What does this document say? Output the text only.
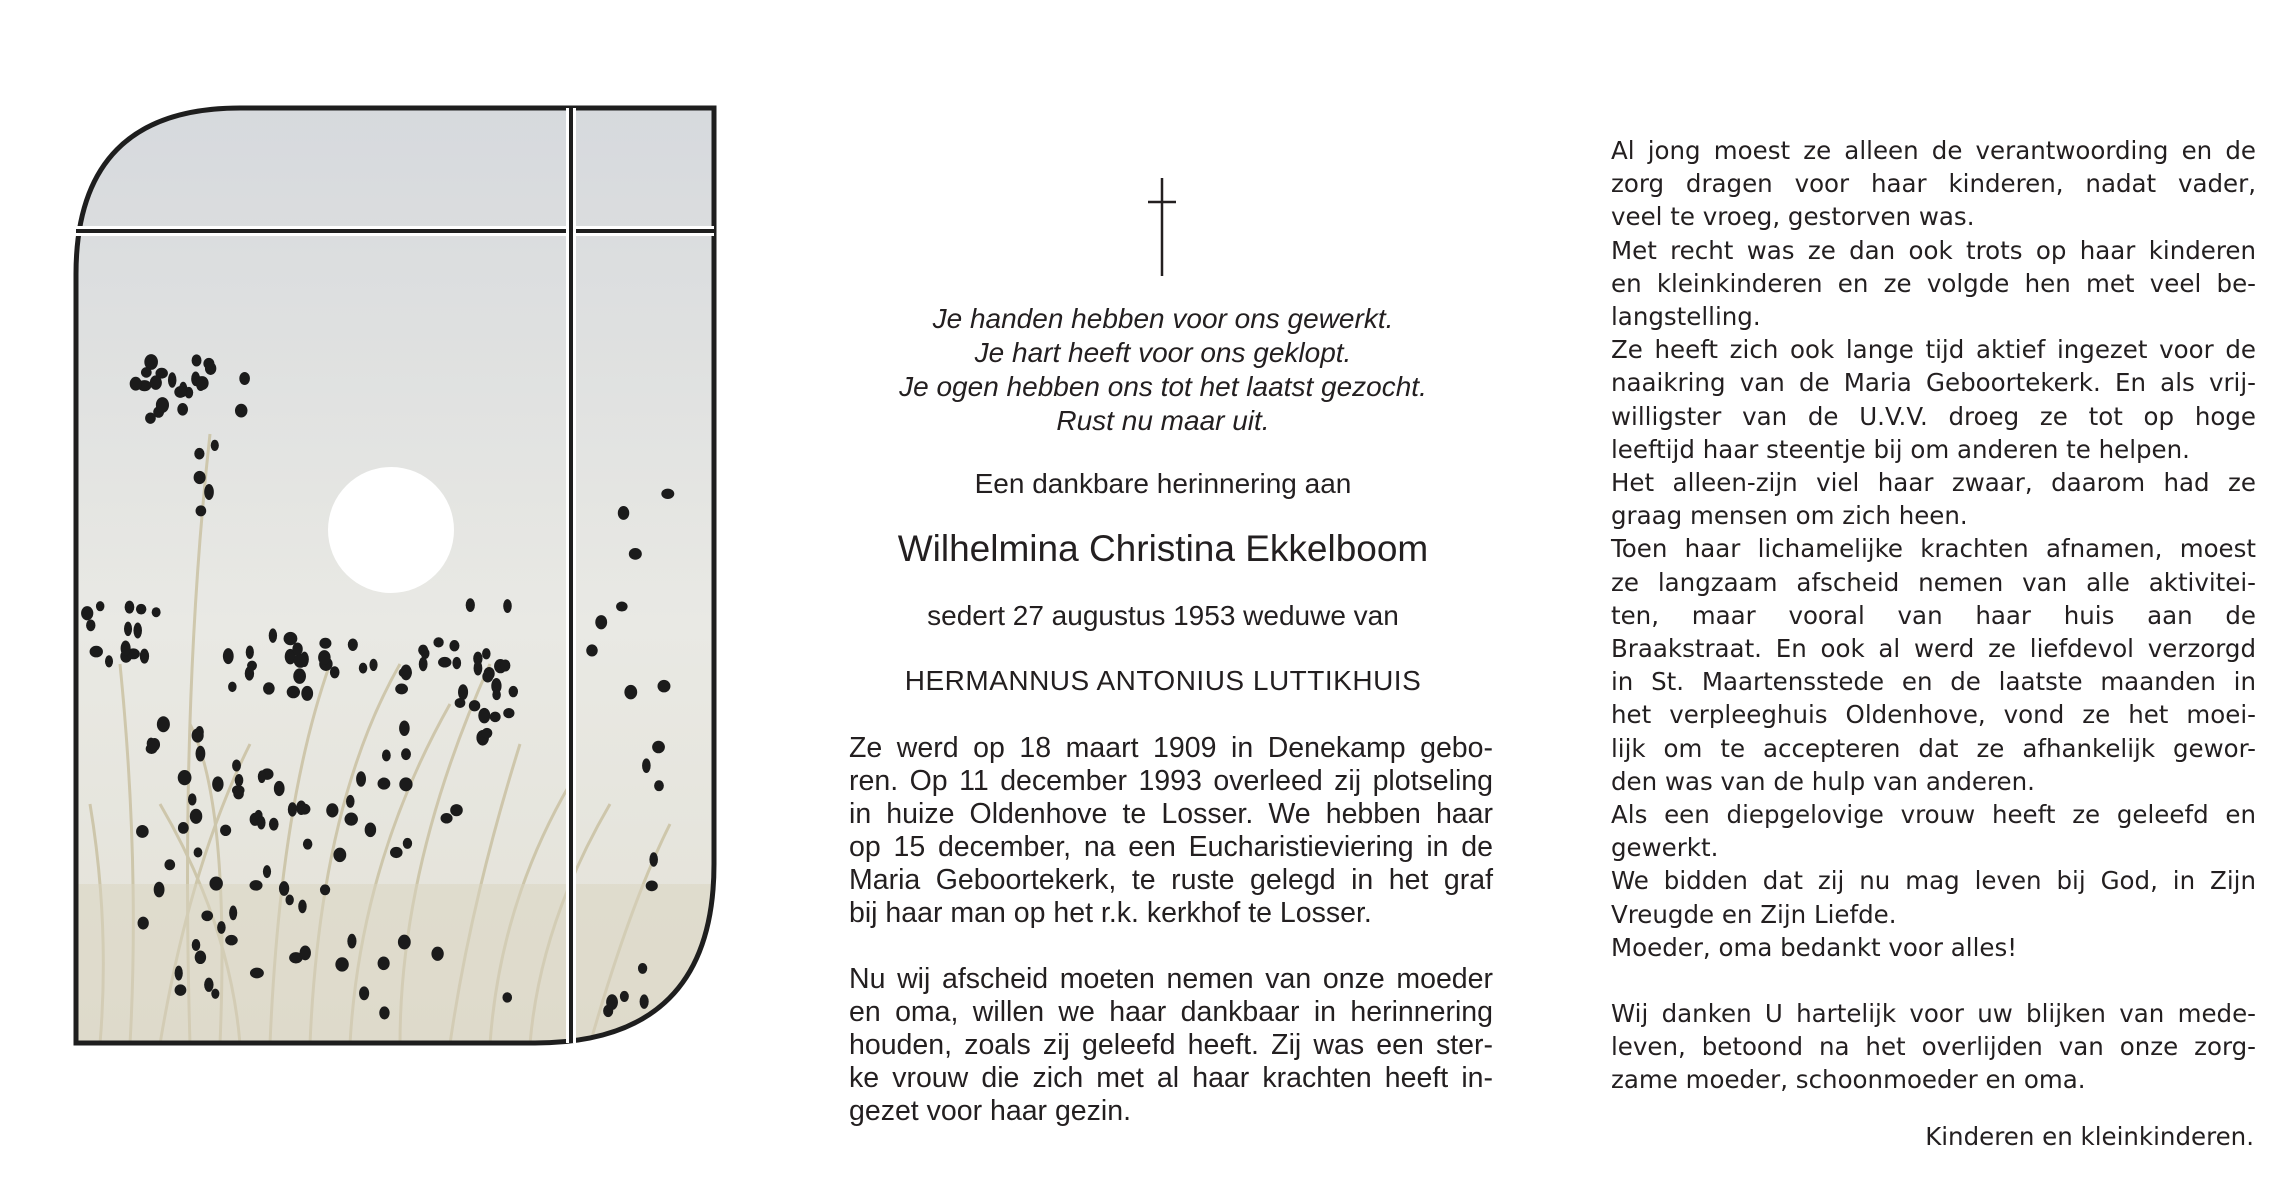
Je handen hebben voor ons gewerkt.
Je hart heeft voor ons geklopt.
Je ogen hebben ons tot het laatst gezocht.
Rust nu maar uit.
Een dankbare herinnering aan
Wilhelmina Christina Ekkelboom
sedert 27 augustus 1953 weduwe van
HERMANNUS ANTONIUS LUTTIKHUIS
Ze werd op 18 maart 1909 in Denekamp gebo-
ren. Op 11 december 1993 overleed zij plotseling
in huize Oldenhove te Losser. We hebben haar
op 15 december, na een Eucharistieviering in de
Maria Geboortekerk, te ruste gelegd in het graf
bij haar man op het r.k. kerkhof te Losser.
Nu wij afscheid moeten nemen van onze moeder
en oma, willen we haar dankbaar in herinnering
houden, zoals zij geleefd heeft. Zij was een ster-
ke vrouw die zich met al haar krachten heeft in-
gezet voor haar gezin.
Al jong moest ze alleen de verantwoording en de
zorg dragen voor haar kinderen, nadat vader,
veel te vroeg, gestorven was.
Met recht was ze dan ook trots op haar kinderen
en kleinkinderen en ze volgde hen met veel be-
langstelling.
Ze heeft zich ook lange tijd aktief ingezet voor de
naaikring van de Maria Geboortekerk. En als vrij-
willigster van de U.V.V. droeg ze tot op hoge
leeftijd haar steentje bij om anderen te helpen.
Het alleen-zijn viel haar zwaar, daarom had ze
graag mensen om zich heen.
Toen haar lichamelijke krachten afnamen, moest
ze langzaam afscheid nemen van alle aktivitei-
ten, maar vooral van haar huis aan de
Braakstraat. En ook al werd ze liefdevol verzorgd
in St. Maartensstede en de laatste maanden in
het verpleeghuis Oldenhove, vond ze het moei-
lijk om te accepteren dat ze afhankelijk gewor-
den was van de hulp van anderen.
Als een diepgelovige vrouw heeft ze geleefd en
gewerkt.
We bidden dat zij nu mag leven bij God, in Zijn
Vreugde en Zijn Liefde.
Moeder, oma bedankt voor alles!
Wij danken U hartelijk voor uw blijken van mede-
leven, betoond na het overlijden van onze zorg-
zame moeder, schoonmoeder en oma.
Kinderen en kleinkinderen.
